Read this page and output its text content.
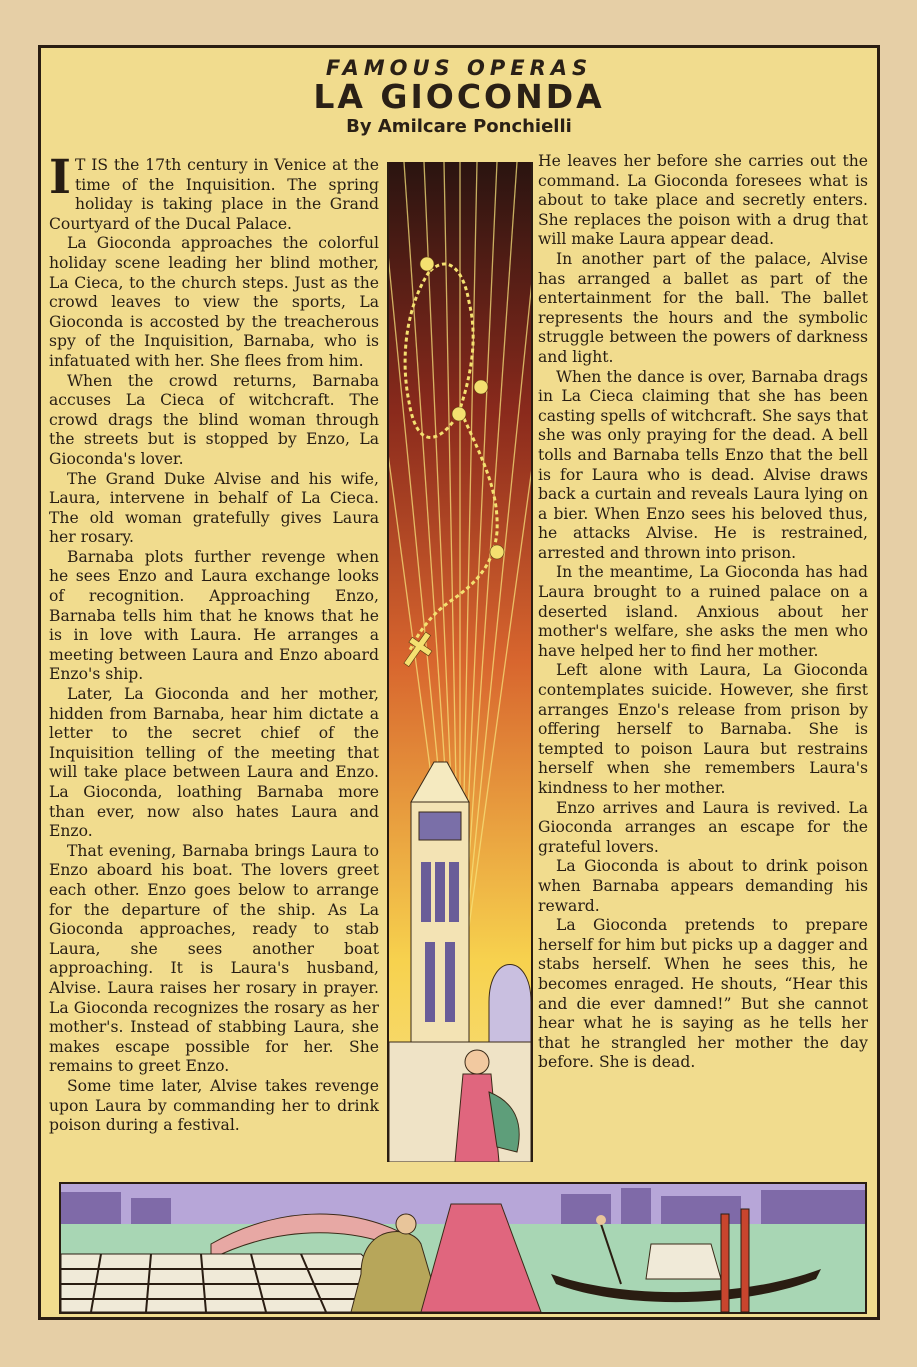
FAMOUS OPERAS
LA GIOCONDA
By Amilcare Ponchielli

I T IS the 17th century in Venice at the time of the Inquisition. The spring holiday is taking place in the Grand Courtyard of the Ducal Palace.

La Gioconda approaches the colorful holiday scene leading her blind mother, La Cieca, to the church steps. Just as the crowd leaves to view the sports, La Gioconda is accosted by the treacherous spy of the Inquisition, Barnaba, who is infatuated with her. She flees from him.

When the crowd returns, Barnaba accuses La Cieca of witchcraft. The crowd drags the blind woman through the streets but is stopped by Enzo, La Gioconda's lover.

The Grand Duke Alvise and his wife, Laura, intervene in behalf of La Cieca. The old woman gratefully gives Laura her rosary.

Barnaba plots further revenge when he sees Enzo and Laura exchange looks of recognition. Approaching Enzo, Barnaba tells him that he knows that he is in love with Laura. He arranges a meeting between Laura and Enzo aboard Enzo's ship.

Later, La Gioconda and her mother, hidden from Barnaba, hear him dictate a letter to the secret chief of the Inquisition telling of the meeting that will take place between Laura and Enzo. La Gioconda, loathing Barnaba more than ever, now also hates Laura and Enzo.

That evening, Barnaba brings Laura to Enzo aboard his boat. The lovers greet each other. Enzo goes below to arrange for the departure of the ship. As La Gioconda approaches, ready to stab Laura, she sees another boat approaching. It is Laura's husband, Alvise. Laura raises her rosary in prayer. La Gioconda recognizes the rosary as her mother's. Instead of stabbing Laura, she makes escape possible for her. She remains to greet Enzo.

Some time later, Alvise takes revenge upon Laura by commanding her to drink poison during a festival.

He leaves her before she carries out the command. La Gioconda foresees what is about to take place and secretly enters. She replaces the poison with a drug that will make Laura appear dead.

In another part of the palace, Alvise has arranged a ballet as part of the entertainment for the ball. The ballet represents the hours and the symbolic struggle between the powers of darkness and light.

When the dance is over, Barnaba drags in La Cieca claiming that she has been casting spells of witchcraft. She says that she was only praying for the dead. A bell tolls and Barnaba tells Enzo that the bell is for Laura who is dead. Alvise draws back a curtain and reveals Laura lying on a bier. When Enzo sees his beloved thus, he attacks Alvise. He is restrained, arrested and thrown into prison.

In the meantime, La Gioconda has had Laura brought to a ruined palace on a deserted island. Anxious about her mother's welfare, she asks the men who have helped her to find her mother.

Left alone with Laura, La Gioconda contemplates suicide. However, she first arranges Enzo's release from prison by offering herself to Barnaba. She is tempted to poison Laura but restrains herself when she remembers Laura's kindness to her mother.

Enzo arrives and Laura is revived. La Gioconda arranges an escape for the grateful lovers.

La Gioconda is about to drink poison when Barnaba appears demanding his reward.

La Gioconda pretends to prepare herself for him but picks up a dagger and stabs herself. When he sees this, he becomes enraged. He shouts, “Hear this and die ever damned!” But she cannot hear what he is saying as he tells her that he strangled her mother the day before. She is dead.
